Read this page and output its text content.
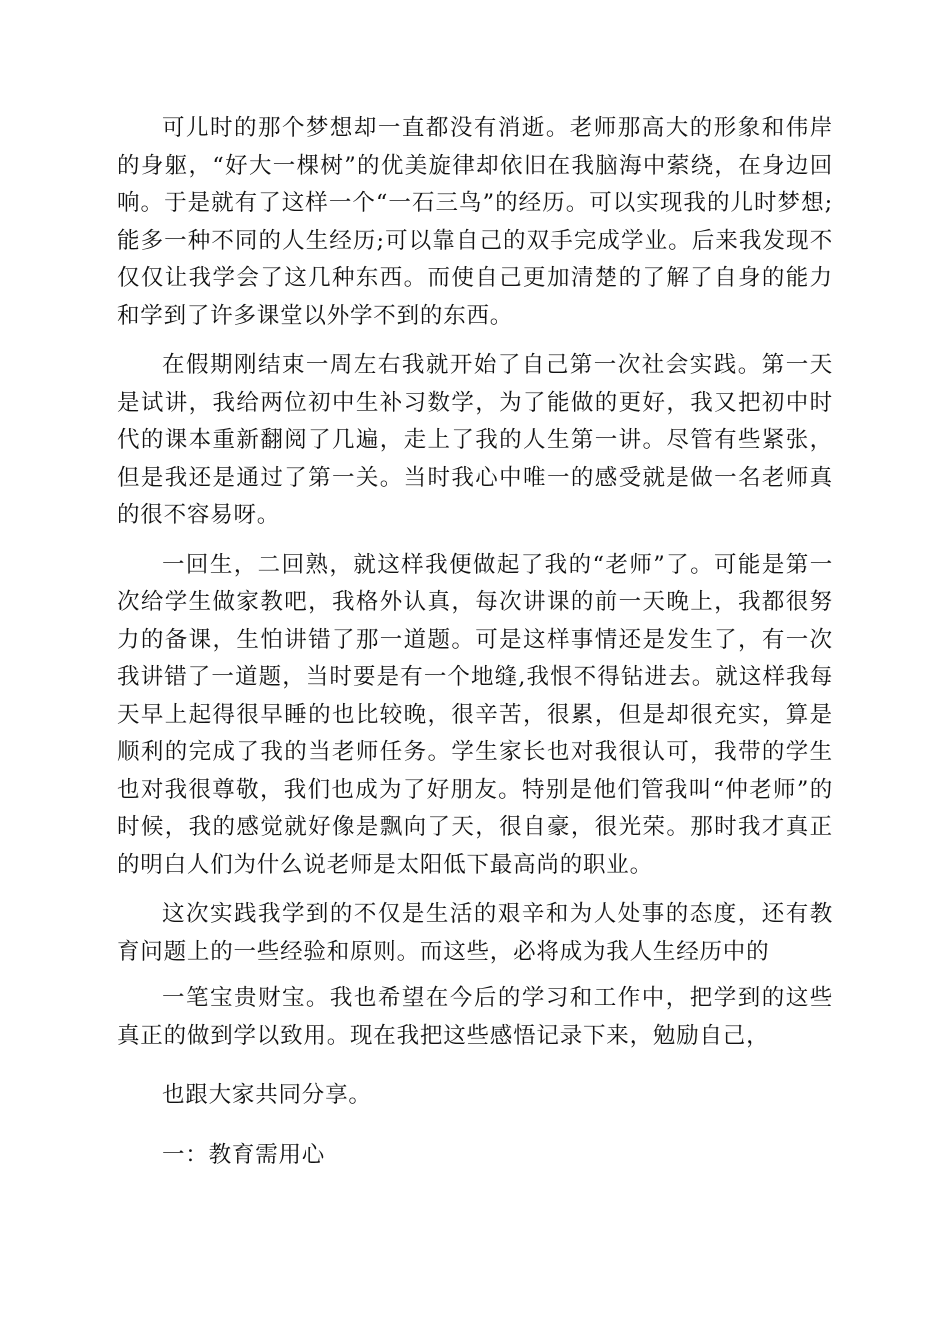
可儿时的那个梦想却一直都没有消逝。老师那高大的形象和伟岸的身躯，“好大一棵树”的优美旋律却依旧在我脑海中萦绕，在身边回响。于是就有了这样一个“一石三鸟”的经历。可以实现我的儿时梦想;能多一种不同的人生经历;可以靠自己的双手完成学业。后来我发现不仅仅让我学会了这几种东西。而使自己更加清楚的了解了自身的能力和学到了许多课堂以外学不到的东西。

在假期刚结束一周左右我就开始了自己第一次社会实践。第一天是试讲，我给两位初中生补习数学，为了能做的更好，我又把初中时代的课本重新翻阅了几遍，走上了我的人生第一讲。尽管有些紧张，但是我还是通过了第一关。当时我心中唯一的感受就是做一名老师真的很不容易呀。

一回生，二回熟，就这样我便做起了我的“老师”了。可能是第一次给学生做家教吧，我格外认真，每次讲课的前一天晚上，我都很努力的备课，生怕讲错了那一道题。可是这样事情还是发生了，有一次我讲错了一道题，当时要是有一个地缝,我恨不得钻进去。就这样我每天早上起得很早睡的也比较晚，很辛苦，很累，但是却很充实，算是顺利的完成了我的当老师任务。学生家长也对我很认可，我带的学生也对我很尊敬，我们也成为了好朋友。特别是他们管我叫“仲老师”的时候，我的感觉就好像是飘向了天，很自豪，很光荣。那时我才真正的明白人们为什么说老师是太阳低下最高尚的职业。

这次实践我学到的不仅是生活的艰辛和为人处事的态度，还有教育问题上的一些经验和原则。而这些，必将成为我人生经历中的

一笔宝贵财宝。我也希望在今后的学习和工作中，把学到的这些真正的做到学以致用。现在我把这些感悟记录下来，勉励自己，

也跟大家共同分享。

一：教育需用心
